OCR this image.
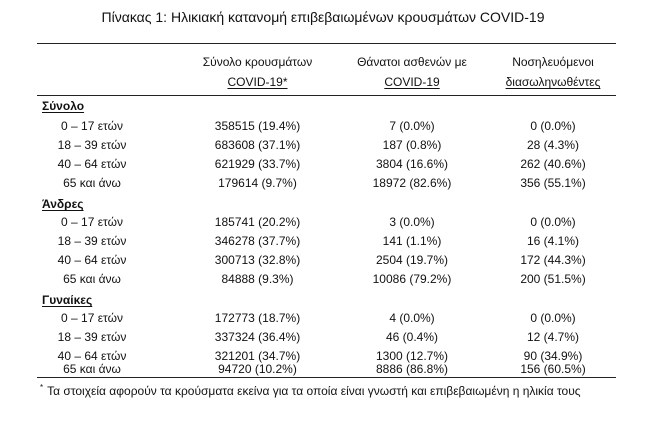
Πίνακας 1: Ηλικιακή κατανομή επιβεβαιωμένων κρουσμάτων COVID-19
Σύνολο κρουσμάτων
COVID-19*
Θάνατοι ασθενών με
COVID-19
Νοσηλευόμενοι
διασωληνωθέντες
Σύνολο
0 – 17 ετών	358515 (19.4%)	7 (0.0%)	0 (0.0%)
18 – 39 ετών	683608 (37.1%)	187 (0.8%)	28 (4.3%)
40 – 64 ετών	621929 (33.7%)	3804 (16.6%)	262 (40.6%)
65 και άνω	179614 (9.7%)	18972 (82.6%)	356 (55.1%)
Άνδρες
0 – 17 ετών	185741 (20.2%)	3 (0.0%)	0 (0.0%)
18 – 39 ετών	346278 (37.7%)	141 (1.1%)	16 (4.1%)
40 – 64 ετών	300713 (32.8%)	2504 (19.7%)	172 (44.3%)
65 και άνω	84888 (9.3%)	10086 (79.2%)	200 (51.5%)
Γυναίκες
0 – 17 ετών	172773 (18.7%)	4 (0.0%)	0 (0.0%)
18 – 39 ετών	337324 (36.4%)	46 (0.4%)	12 (4.7%)
40 – 64 ετών	321201 (34.7%)	1300 (12.7%)	90 (34.9%)
65 και άνω	94720 (10.2%)	8886 (86.8%)	156 (60.5%)
* Τα στοιχεία αφορούν τα κρούσματα εκείνα για τα οποία είναι γνωστή και επιβεβαιωμένη η ηλικία τους
